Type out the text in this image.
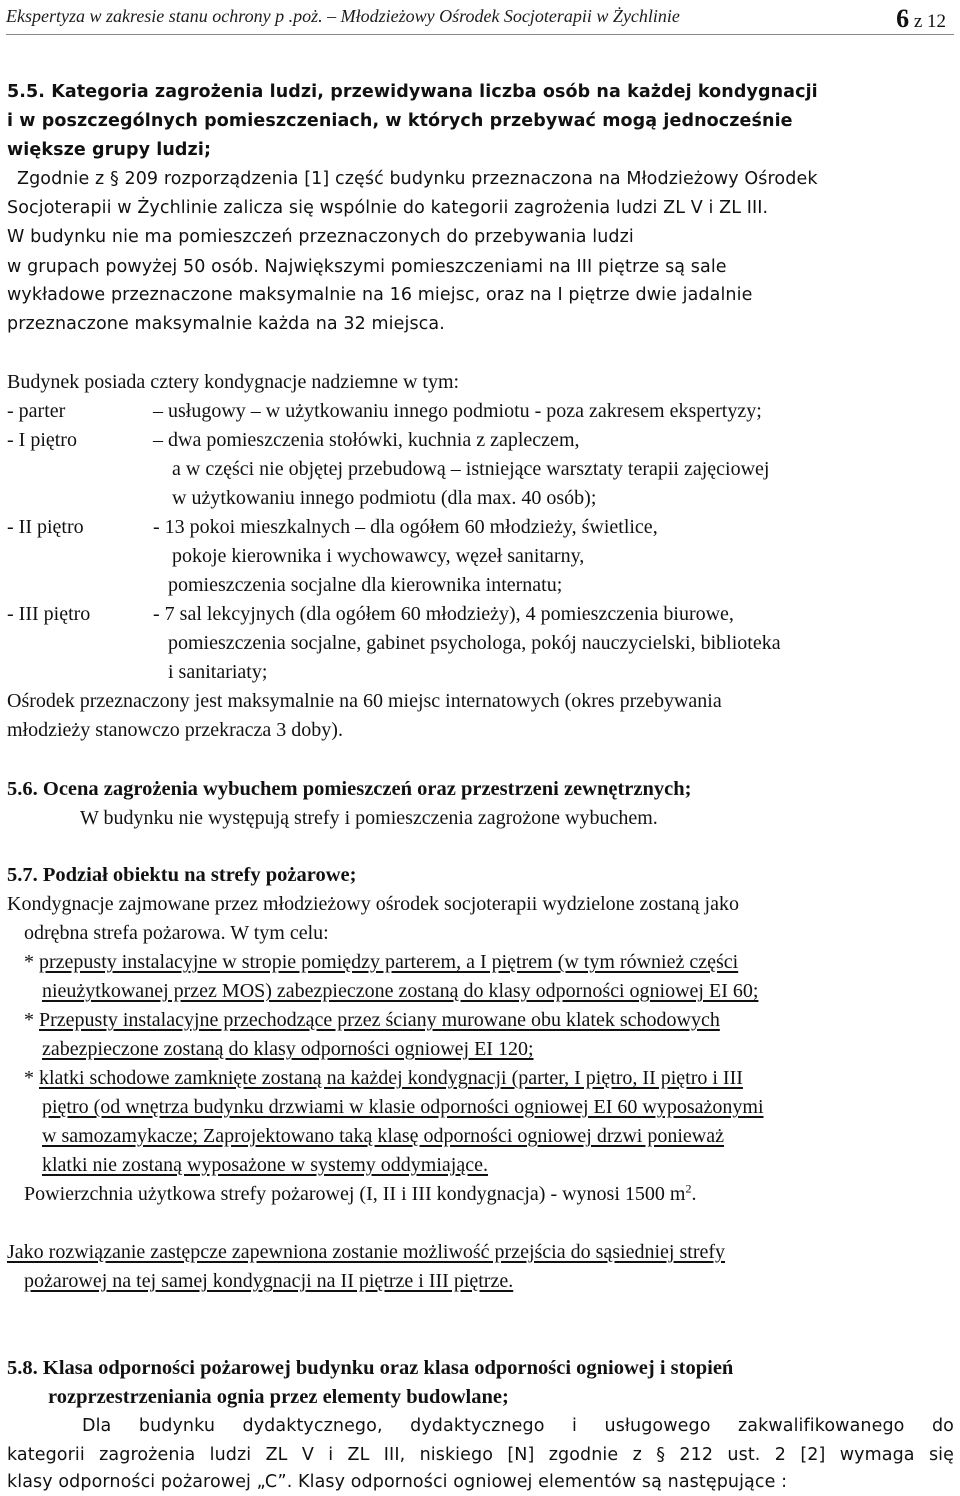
Ekspertyza w zakresie stanu ochrony p .poż. – Młodzieżowy Ośrodek Socjoterapii w Żychlinie	6 z 12
5.5. Kategoria zagrożenia ludzi, przewidywana liczba osób na każdej kondygnacji
i w poszczególnych pomieszczeniach, w których przebywać mogą jednocześnie
większe grupy ludzi;
Zgodnie z § 209 rozporządzenia [1] część budynku przeznaczona na Młodzieżowy Ośrodek
Socjoterapii w Żychlinie zalicza się wspólnie do kategorii zagrożenia ludzi ZL V i ZL III.
W budynku nie ma pomieszczeń przeznaczonych do przebywania ludzi
w grupach powyżej 50 osób. Największymi pomieszczeniami na III piętrze są sale
wykładowe przeznaczone maksymalnie na 16 miejsc, oraz na I piętrze dwie jadalnie
przeznaczone maksymalnie każda na 32 miejsca.
Budynek posiada cztery kondygnacje nadziemne w tym:
- parter	– usługowy – w użytkowaniu innego podmiotu - poza zakresem ekspertyzy;
- I piętro	– dwa pomieszczenia stołówki, kuchnia z zapleczem,
a w części nie objętej przebudową – istniejące warsztaty terapii zajęciowej
w użytkowaniu innego podmiotu (dla max. 40 osób);
- II piętro	- 13 pokoi mieszkalnych – dla ogółem 60 młodzieży, świetlice,
pokoje kierownika i wychowawcy, węzeł sanitarny,
pomieszczenia socjalne dla kierownika internatu;
- III piętro	- 7 sal lekcyjnych (dla ogółem 60 młodzieży), 4 pomieszczenia biurowe,
pomieszczenia socjalne, gabinet psychologa, pokój nauczycielski, biblioteka
i sanitariaty;
Ośrodek przeznaczony jest maksymalnie na 60 miejsc internatowych (okres przebywania
młodzieży stanowczo przekracza 3 doby).
5.6. Ocena zagrożenia wybuchem pomieszczeń oraz przestrzeni zewnętrznych;
W budynku nie występują strefy i pomieszczenia zagrożone wybuchem.
5.7. Podział obiektu na strefy pożarowe;
Kondygnacje zajmowane przez młodzieżowy ośrodek socjoterapii wydzielone zostaną jako
odrębna strefa pożarowa. W tym celu:
* przepusty instalacyjne w stropie pomiędzy parterem, a I piętrem (w tym również części
nieużytkowanej przez MOS) zabezpieczone zostaną do klasy odporności ogniowej EI 60;
* Przepusty instalacyjne przechodzące przez ściany murowane obu klatek schodowych
zabezpieczone zostaną do klasy odporności ogniowej EI 120;
* klatki schodowe zamknięte zostaną na każdej kondygnacji (parter, I piętro, II piętro i III
piętro (od wnętrza budynku drzwiami w klasie odporności ogniowej EI 60 wyposażonymi
w samozamykacze; Zaprojektowano taką klasę odporności ogniowej drzwi ponieważ
klatki nie zostaną wyposażone w systemy oddymiające.
Powierzchnia użytkowa strefy pożarowej (I, II i III kondygnacja) - wynosi 1500 $m^2$.
Jako rozwiązanie zastępcze zapewniona zostanie możliwość przejścia do sąsiedniej strefy
pożarowej na tej samej kondygnacji na II piętrze i III piętrze.
5.8. Klasa odporności pożarowej budynku oraz klasa odporności ogniowej i stopień
rozprzestrzeniania ognia przez elementy budowlane;
Dla budynku dydaktycznego, dydaktycznego i usługowego zakwalifikowanego do
kategorii zagrożenia ludzi ZL V i ZL III, niskiego [N] zgodnie z § 212 ust. 2 [2] wymaga się
klasy odporności pożarowej „C”. Klasy odporności ogniowej elementów są następujące :
